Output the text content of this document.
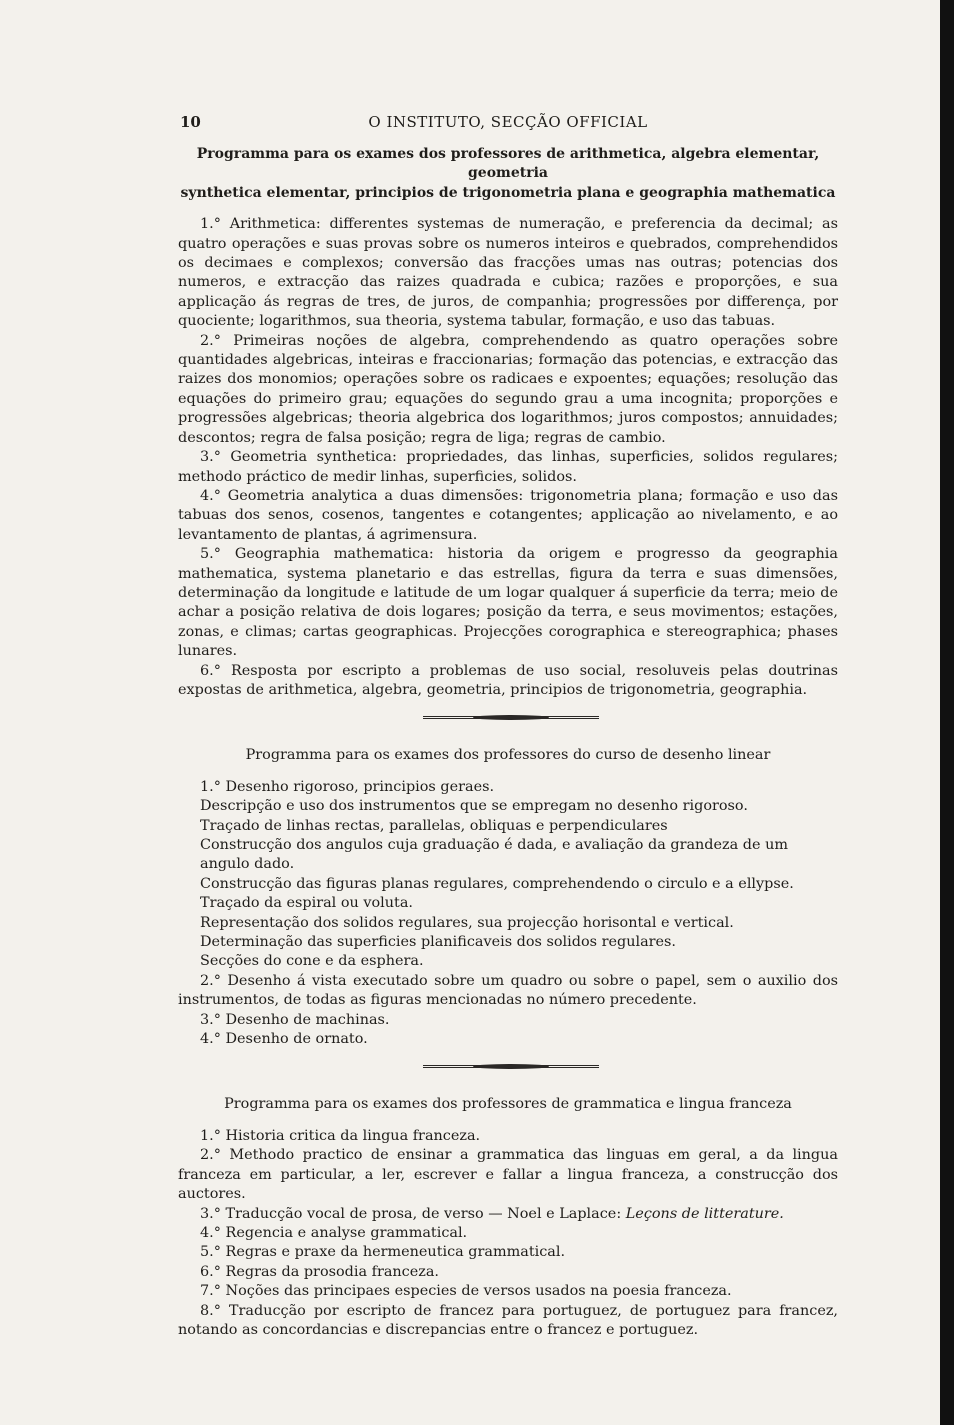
10	O INSTITUTO, SECÇÃO OFFICIAL
Programma para os exames dos professores de arithmetica, algebra elementar, geometria
synthetica elementar, principios de trigonometria plana e geographia mathematica

1.° Arithmetica: differentes systemas de numeração, e preferencia da decimal; as quatro operações e suas provas sobre os numeros inteiros e quebrados, comprehendidos os decimaes e complexos; conversão das fracções umas nas outras; potencias dos numeros, e extracção das raizes quadrada e cubica; razões e proporções, e sua applicação ás regras de tres, de juros, de companhia; progressões por differença, por quociente; logarithmos, sua theoria, systema tabular, formação, e uso das tabuas.

2.° Primeiras noções de algebra, comprehendendo as quatro operações sobre quantidades algebricas, inteiras e fraccionarias; formação das potencias, e extracção das raizes dos monomios; operações sobre os radicaes e expoentes; equações; resolução das equações do primeiro grau; equações do segundo grau a uma incognita; proporções e progressões algebricas; theoria algebrica dos logarithmos; juros compostos; annuidades; descontos; regra de falsa posição; regra de liga; regras de cambio.

3.° Geometria synthetica: propriedades, das linhas, superficies, solidos regulares; methodo práctico de medir linhas, superficies, solidos.

4.° Geometria analytica a duas dimensões: trigonometria plana; formação e uso das tabuas dos senos, cosenos, tangentes e cotangentes; applicação ao nivelamento, e ao levantamento de plantas, á agrimensura.

5.° Geographia mathematica: historia da origem e progresso da geographia mathematica, systema planetario e das estrellas, figura da terra e suas dimensões, determinação da longitude e latitude de um logar qualquer á superficie da terra; meio de achar a posição relativa de dois logares; posição da terra, e seus movimentos; estações, zonas, e climas; cartas geographicas. Projecções corographica e stereographica; phases lunares.

6.° Resposta por escripto a problemas de uso social, resoluveis pelas doutrinas expostas de arithmetica, algebra, geometria, principios de trigonometria, geographia.

Programma para os exames dos professores do curso de desenho linear
1.° Desenho rigoroso, principios geraes.
Descripção e uso dos instrumentos que se empregam no desenho rigoroso.
Traçado de linhas rectas, parallelas, obliquas e perpendiculares
Construcção dos angulos cuja graduação é dada, e avaliação da grandeza de um angulo dado.
Construcção das figuras planas regulares, comprehendendo o circulo e a ellypse.
Traçado da espiral ou voluta.
Representação dos solidos regulares, sua projecção horisontal e vertical.
Determinação das superficies planificaveis dos solidos regulares.
Secções do cone e da esphera.

2.° Desenho á vista executado sobre um quadro ou sobre o papel, sem o auxilio dos instrumentos, de todas as figuras mencionadas no número precedente.

3.° Desenho de machinas.

4.° Desenho de ornato.

Programma para os exames dos professores de grammatica e lingua franceza

1.° Historia critica da lingua franceza.

2.° Methodo practico de ensinar a grammatica das linguas em geral, a da lingua franceza em particular, a ler, escrever e fallar a lingua franceza, a construcção dos auctores.

3.° Traducção vocal de prosa, de verso — Noel e Laplace: Leçons de litterature.

4.° Regencia e analyse grammatical.

5.° Regras e praxe da hermeneutica grammatical.

6.° Regras da prosodia franceza.

7.° Noções das principaes especies de versos usados na poesia franceza.

8.° Traducção por escripto de francez para portuguez, de portuguez para francez, notando as concordancias e discrepancias entre o francez e portuguez.
